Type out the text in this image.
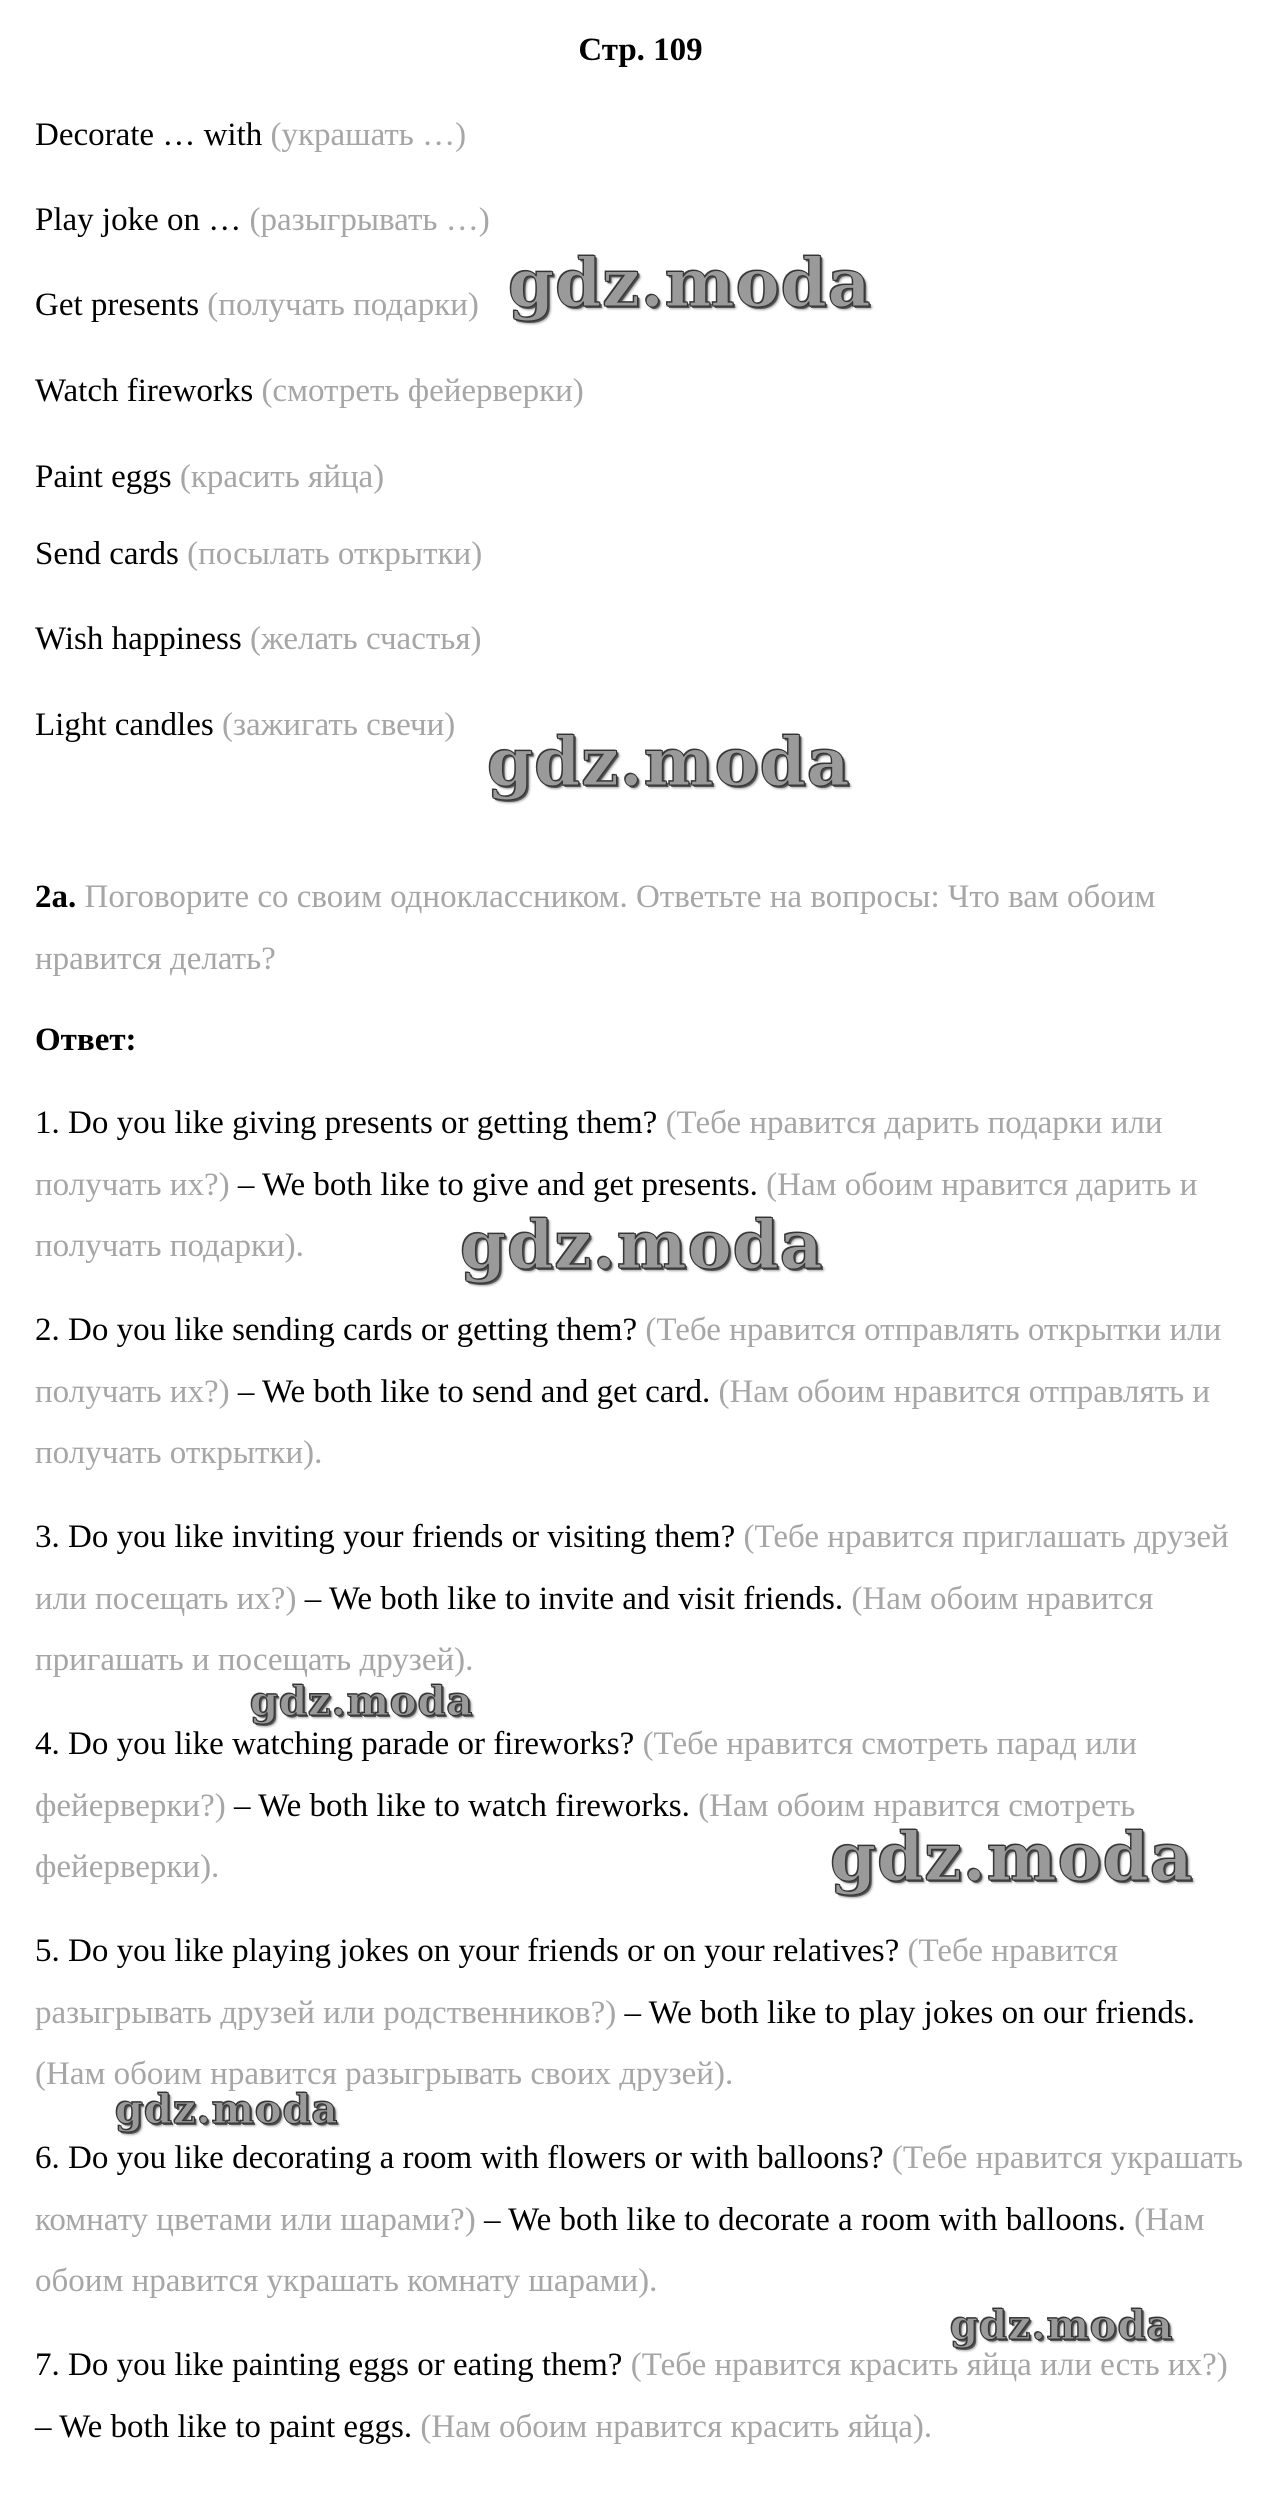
Стр. 109
Decorate … with (украшать …)
Play joke on … (разыгрывать …)
Get presents (получать подарки)
Watch fireworks (смотреть фейерверки)
Paint eggs (красить яйца)
Send cards (посылать открытки)
Wish happiness (желать счастья)
Light candles (зажигать свечи)
2a. Поговорите со своим одноклассником. Ответьте на вопросы: Что вам обоим нравится делать?
Ответ:
1. Do you like giving presents or getting them? (Тебе нравится дарить подарки или получать их?) – We both like to give and get presents. (Нам обоим нравится дарить и получать подарки).
2. Do you like sending cards or getting them? (Тебе нравится отправлять открытки или получать их?) – We both like to send and get card. (Нам обоим нравится отправлять и получать открытки).
3. Do you like inviting your friends or visiting them? (Тебе нравится приглашать друзей или посещать их?) – We both like to invite and visit friends. (Нам обоим нравится пригашать и посещать друзей).
4. Do you like watching parade or fireworks? (Тебе нравится смотреть парад или фейерверки?) – We both like to watch fireworks. (Нам обоим нравится смотреть фейерверки).
5. Do you like playing jokes on your friends or on your relatives? (Тебе нравится разыгрывать друзей или родственников?) – We both like to play jokes on our friends. (Нам обоим нравится разыгрывать своих друзей).
6. Do you like decorating a room with flowers or with balloons? (Тебе нравится украшать комнату цветами или шарами?) – We both like to decorate a room with balloons. (Нам обоим нравится украшать комнату шарами).
7. Do you like painting eggs or eating them? (Тебе нравится красить яйца или есть их?) – We both like to paint eggs. (Нам обоим нравится красить яйца).
gdz.moda
gdz.moda
gdz.moda
gdz.moda
gdz.moda
gdz.moda
gdz.moda
